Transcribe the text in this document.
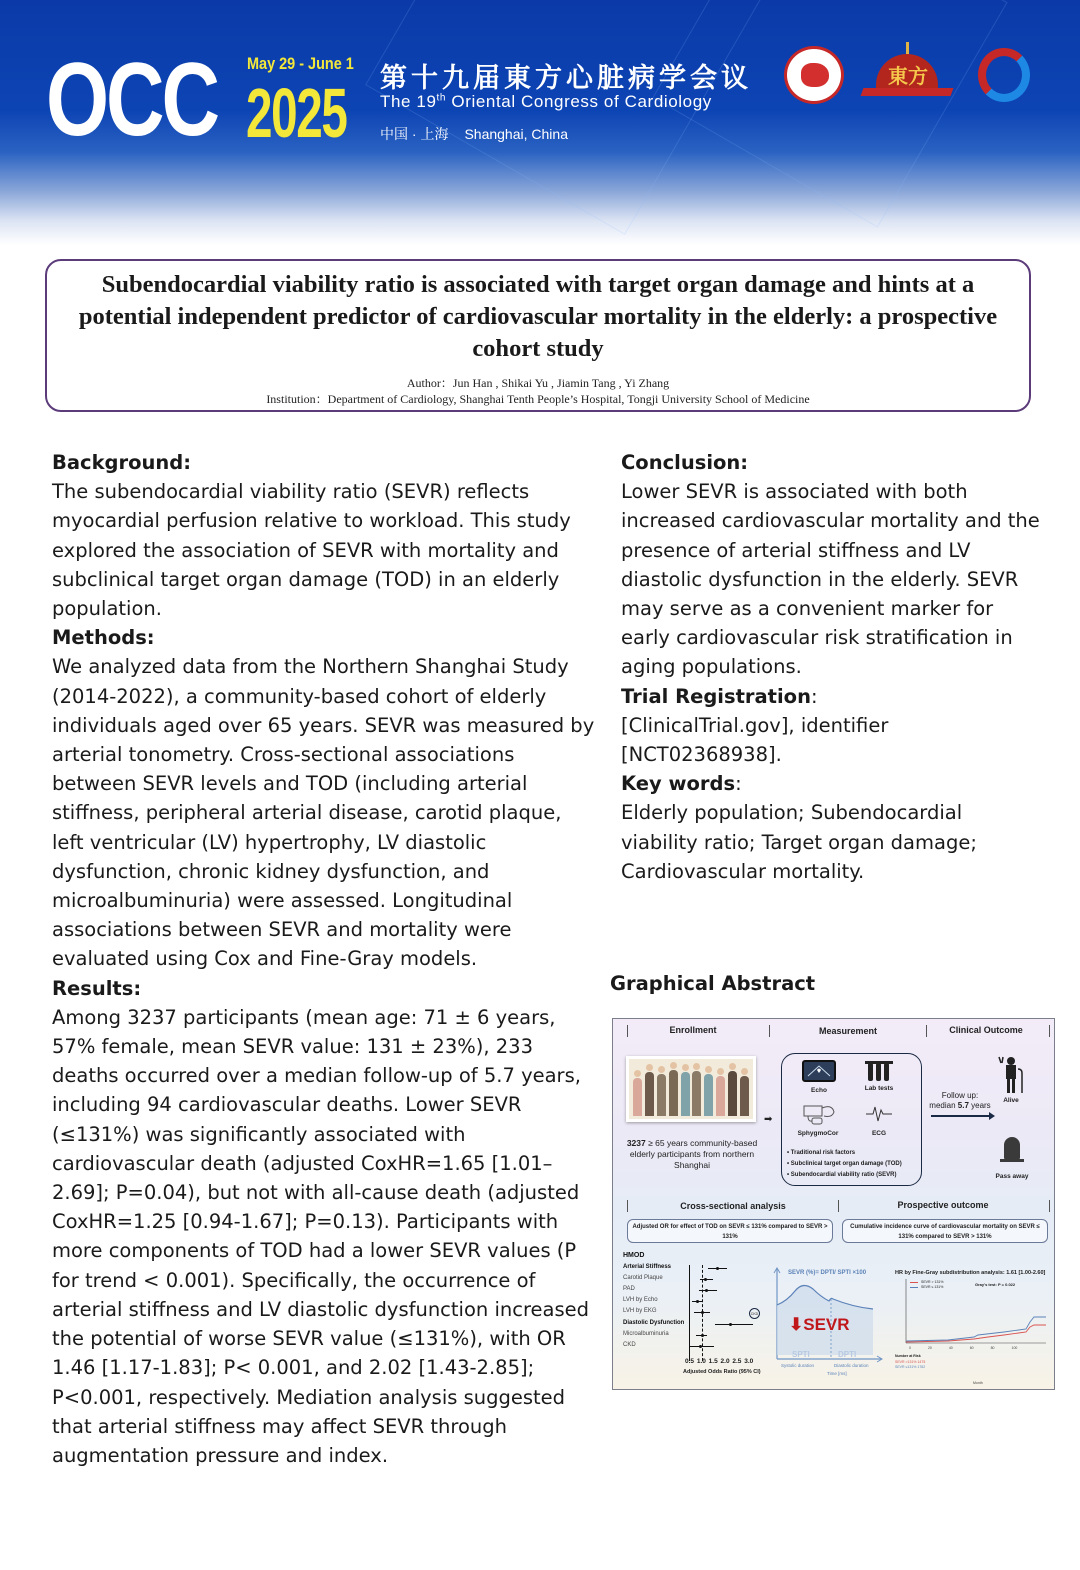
OCC May 29 - June 1
2025 第十九届東方心脏病学会议
The 19th Oriental Congress of Cardiology
中国 · 上海 Shanghai, China
東方
Subendocardial viability ratio is associated with target organ damage and hints at a potential independent predictor of cardiovascular mortality in the elderly: a prospective cohort study
Author：Jun Han , Shikai Yu , Jiamin Tang , Yi Zhang
Institution：Department of Cardiology, Shanghai Tenth People’s Hospital, Tongji University School of Medicine
Background:

The subendocardial viability ratio (SEVR) reflects myocardial perfusion relative to workload. This study explored the association of SEVR with mortality and subclinical target organ damage (TOD) in an elderly population.

Methods:

We analyzed data from the Northern Shanghai Study (2014-2022), a community-based cohort of elderly individuals aged over 65 years. SEVR was measured by arterial tonometry. Cross-sectional associations between SEVR levels and TOD (including arterial stiffness, peripheral arterial disease, carotid plaque, left ventricular (LV) hypertrophy, LV diastolic dysfunction, chronic kidney dysfunction, and microalbuminuria) were assessed. Longitudinal associations between SEVR and mortality were evaluated using Cox and Fine-Gray models.

Results:

Among 3237 participants (mean age: 71 ± 6 years, 57% female, mean SEVR value: 131 ± 23%), 233 deaths occurred over a median follow-up of 5.7 years, including 94 cardiovascular deaths. Lower SEVR (≤131%) was significantly associated with cardiovascular death (adjusted CoxHR=1.65 [1.01–2.69]; P=0.04), but not with all-cause death (adjusted CoxHR=1.25 [0.94-1.67]; P=0.13). Participants with more components of TOD had a lower SEVR values (P for trend < 0.001). Specifically, the occurrence of arterial stiffness and LV diastolic dysfunction increased the potential of worse SEVR value (≤131%), with OR 1.46 [1.17-1.83]; P< 0.001, and 2.02 [1.43-2.85]; P<0.001, respectively. Mediation analysis suggested that arterial stiffness may affect SEVR through augmentation pressure and index.

Conclusion:

Lower SEVR is associated with both increased cardiovascular mortality and the presence of arterial stiffness and LV diastolic dysfunction in the elderly. SEVR may serve as a convenient marker for early cardiovascular risk stratification in aging populations.

Trial Registration:

[ClinicalTrial.gov], identifier [NCT02368938].

Key words:

Elderly population; Subendocardial viability ratio; Target organ damage; Cardiovascular mortality.

Graphical Abstract
Enrollment	Measurement	Clinical Outcome
3237 ≥ 65 years community-based elderly participants from northern Shanghai
➡
Echo	Lab tests
SphygmoCor	ECG
• Traditional risk factors
• Subclinical target organ damage (TOD)
• Subendocardial viability ratio (SEVR)
Follow up:
median 5.7 years
Alive
Pass away
Cross-sectional analysis	Prospective outcome
Adjusted OR for effect of TOD on SEVR ≤ 131% compared to SEVR > 131%
Cumulative incidence curve of cardiovascular mortality on SEVR ≤ 131% compared to SEVR > 131%
HMOD
Arterial Stiffness
Carotid Plaque
PAD
LVH by Echo
LVH by EKG
Diastolic Dysfunction
Microalbuminuria
CKD
CKD
0.5 1.0 1.5 2.0 2.5 3.0
Adjusted Odds Ratio (95% CI)
SEVR (%)= DPTI/ SPTI ×100
⬇SEVR
SPTI	DPTI
Systolic duration	Diastolic duration
Time [ms]
HR by Fine-Gray subdistribution analysis: 1.61 [1.00-2.60]
SEVR > 131%
SEVR ≤ 131%	Gray's test: P = 0.022
0	20	40	60	80	100
Number at Risk
SEVR >131% 1475
SEVR ≤131% 1762
Month
